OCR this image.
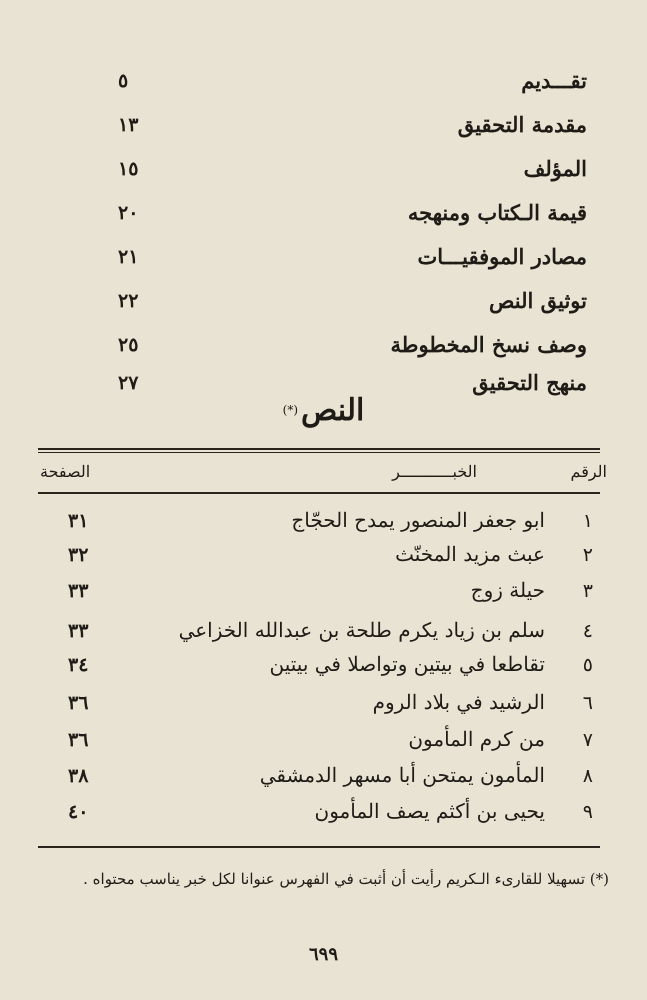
تقـــديم
٥
مقدمة التحقيق
١٣
المؤلف
١٥
قيمة الـكتاب ومنهجه
٢٠
مصادر الموفقيـــات
٢١
توثيق النص
٢٢
وصف نسخ المخطوطة
٢٥
منهج التحقيق
٢٧
النص(*)
الرقم
الخبـــــــــــر
الصفحة
١
ابو جعفر المنصور يمدح الحجّاج
٣١
٢
عبث مزيد المخنّث
٣٢
٣
حيلة زوج
٣٣
٤
سلم بن زياد يكرم طلحة بن عبدالله الخزاعي
٣٣
٥
تقاطعا في بيتين وتواصلا في بيتين
٣٤
٦
الرشيد في بلاد الروم
٣٦
٧
من كرم المأمون
٣٦
٨
المأمون يمتحن أبا مسهر الدمشقي
٣٨
٩
يحيى بن أكثم يصف المأمون
٤٠
(*) تسهيلا للقارىء الـكريم رأيت أن أثبت في الفهرس عنوانا لكل خبر يناسب محتواه .
٦٩٩
